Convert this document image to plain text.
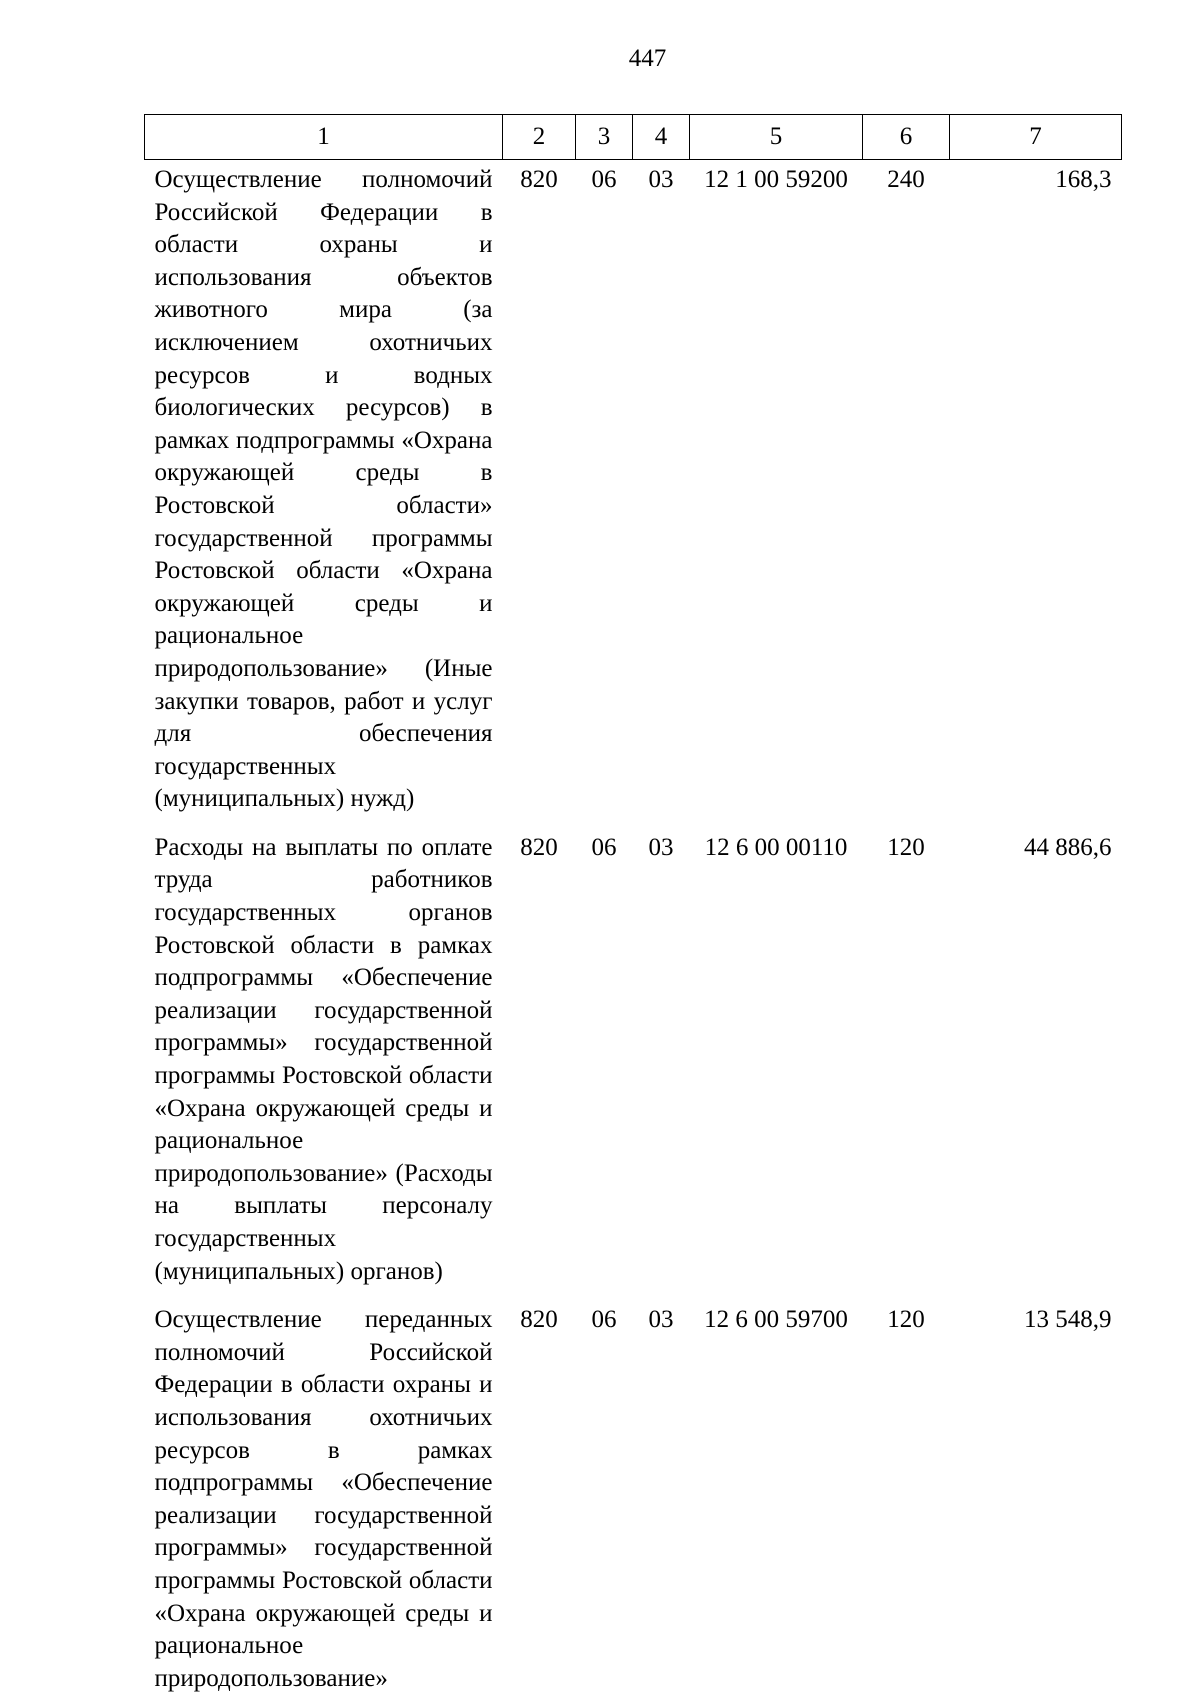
447
1	2	3	4	5	6	7
Осуществление полномочий Российской Федерации в области охраны и использования объектов животного мира (за исключением охотничьих ресурсов и водных биологических ресурсов) в рамках подпрограммы «Охрана окружающей среды в Ростовской области» государственной программы Ростовской области «Охрана окружающей среды и рациональное природопользование» (Иные закупки товаров, работ и услуг для обеспечения государственных (муниципальных) нужд)	820	06	03	12 1 00 59200	240	168,3
Расходы на выплаты по оплате труда работников государственных органов Ростовской области в рамках подпрограммы «Обеспечение реализации государственной программы» государственной программы Ростовской области «Охрана окружающей среды и рациональное природопользование» (Расходы на выплаты персоналу государственных (муниципальных) органов)	820	06	03	12 6 00 00110	120	44 886,6
Осуществление переданных полномочий Российской Федерации в области охраны и использования охотничьих ресурсов в рамках подпрограммы «Обеспечение реализации государственной программы» государственной программы Ростовской области «Охрана окружающей среды и рациональное природопользование»	820	06	03	12 6 00 59700	120	13 548,9
